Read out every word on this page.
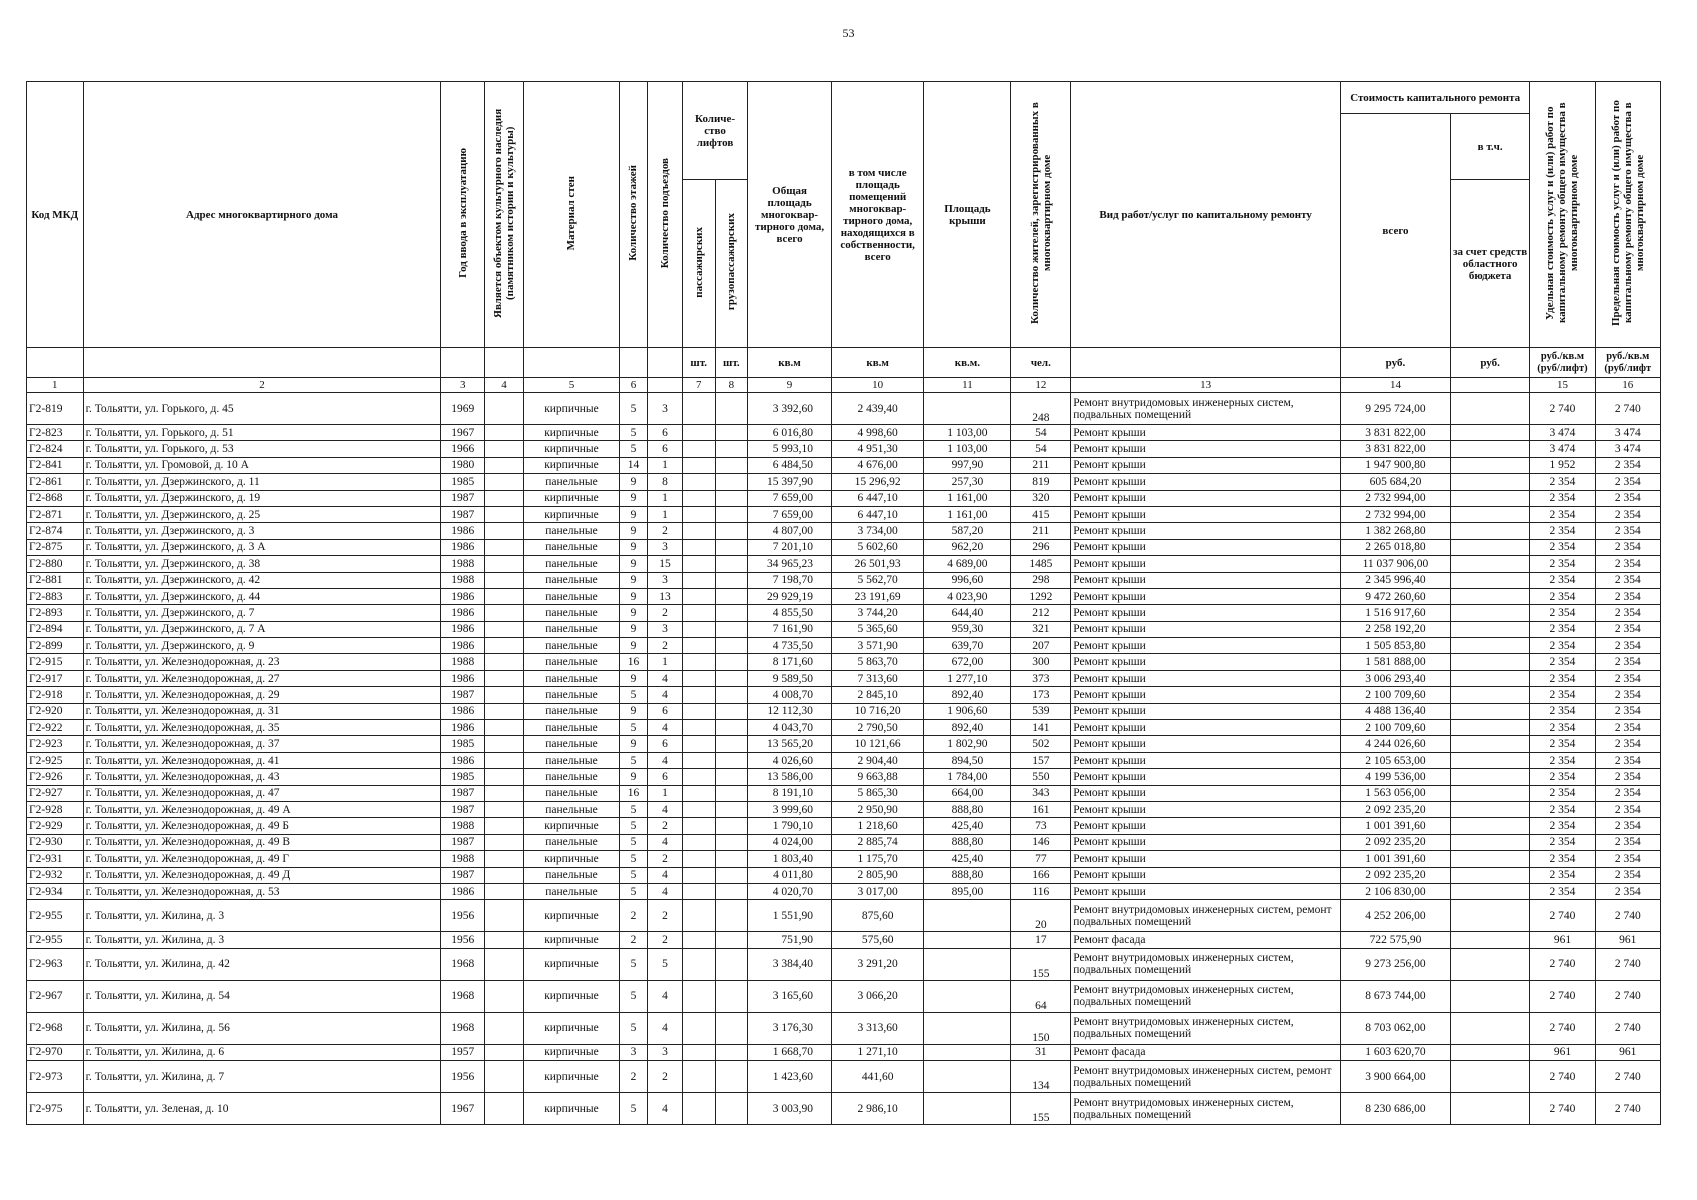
53
Код МКД	Адрес многоквартирного дома	Год ввода в эксплуатацию	Является объектом культурного наследия (памятником истории и культуры)	Материал стен	Количество этажей	Количество подъездов	Количе-ство лифтов		Общая площадь многоквар-тирного дома, всего	в том числе площадь помещений многоквар-тирного дома, находящихся в собственности, всего	Площадь крыши	Количество жителей, зарегистрированных в многоквартирном доме	Вид работ/услуг по капитальному ремонту	Стоимость капитального ремонта		Удельная стоимость услуг и (или) работ по капитальному ремонту общего имущества в многоквартирном доме	Предельная стоимость услуг и (или) работ по капитальному ремонту общего имущества в многоквартирном доме
														всего	в т.ч.		
							пассажирских	грузопассажирских							за счет средств областного бюджета		
							шт.	шт.	кв.м	кв.м	кв.м.	чел.		руб.	руб.	руб./кв.м (руб/лифт)	руб./кв.м (руб/лифт
1	2	3	4	5	6		7	8	9	10	11	12	13	14		15	16
Г2-819	г. Тольятти, ул. Горького, д. 45	1969		кирпичные	5	3			3 392,60	2 439,40		248	Ремонт внутридомовых инженерных систем, подвальных помещений	9 295 724,00		2 740	2 740
Г2-823	г. Тольятти, ул. Горького, д. 51	1967		кирпичные	5	6			6 016,80	4 998,60	1 103,00	54	Ремонт крыши	3 831 822,00		3 474	3 474
Г2-824	г. Тольятти, ул. Горького, д. 53	1966		кирпичные	5	6			5 993,10	4 951,30	1 103,00	54	Ремонт крыши	3 831 822,00		3 474	3 474
Г2-841	г. Тольятти, ул. Громовой, д. 10 А	1980		кирпичные	14	1			6 484,50	4 676,00	997,90	211	Ремонт крыши	1 947 900,80		1 952	2 354
Г2-861	г. Тольятти, ул. Дзержинского, д. 11	1985		панельные	9	8			15 397,90	15 296,92	257,30	819	Ремонт крыши	605 684,20		2 354	2 354
Г2-868	г. Тольятти, ул. Дзержинского, д. 19	1987		кирпичные	9	1			7 659,00	6 447,10	1 161,00	320	Ремонт крыши	2 732 994,00		2 354	2 354
Г2-871	г. Тольятти, ул. Дзержинского, д. 25	1987		кирпичные	9	1			7 659,00	6 447,10	1 161,00	415	Ремонт крыши	2 732 994,00		2 354	2 354
Г2-874	г. Тольятти, ул. Дзержинского, д. 3	1986		панельные	9	2			4 807,00	3 734,00	587,20	211	Ремонт крыши	1 382 268,80		2 354	2 354
Г2-875	г. Тольятти, ул. Дзержинского, д. 3 А	1986		панельные	9	3			7 201,10	5 602,60	962,20	296	Ремонт крыши	2 265 018,80		2 354	2 354
Г2-880	г. Тольятти, ул. Дзержинского, д. 38	1988		панельные	9	15			34 965,23	26 501,93	4 689,00	1485	Ремонт крыши	11 037 906,00		2 354	2 354
Г2-881	г. Тольятти, ул. Дзержинского, д. 42	1988		панельные	9	3			7 198,70	5 562,70	996,60	298	Ремонт крыши	2 345 996,40		2 354	2 354
Г2-883	г. Тольятти, ул. Дзержинского, д. 44	1986		панельные	9	13			29 929,19	23 191,69	4 023,90	1292	Ремонт крыши	9 472 260,60		2 354	2 354
Г2-893	г. Тольятти, ул. Дзержинского, д. 7	1986		панельные	9	2			4 855,50	3 744,20	644,40	212	Ремонт крыши	1 516 917,60		2 354	2 354
Г2-894	г. Тольятти, ул. Дзержинского, д. 7 А	1986		панельные	9	3			7 161,90	5 365,60	959,30	321	Ремонт крыши	2 258 192,20		2 354	2 354
Г2-899	г. Тольятти, ул. Дзержинского, д. 9	1986		панельные	9	2			4 735,50	3 571,90	639,70	207	Ремонт крыши	1 505 853,80		2 354	2 354
Г2-915	г. Тольятти, ул. Железнодорожная, д. 23	1988		панельные	16	1			8 171,60	5 863,70	672,00	300	Ремонт крыши	1 581 888,00		2 354	2 354
Г2-917	г. Тольятти, ул. Железнодорожная, д. 27	1986		панельные	9	4			9 589,50	7 313,60	1 277,10	373	Ремонт крыши	3 006 293,40		2 354	2 354
Г2-918	г. Тольятти, ул. Железнодорожная, д. 29	1987		панельные	5	4			4 008,70	2 845,10	892,40	173	Ремонт крыши	2 100 709,60		2 354	2 354
Г2-920	г. Тольятти, ул. Железнодорожная, д. 31	1986		панельные	9	6			12 112,30	10 716,20	1 906,60	539	Ремонт крыши	4 488 136,40		2 354	2 354
Г2-922	г. Тольятти, ул. Железнодорожная, д. 35	1986		панельные	5	4			4 043,70	2 790,50	892,40	141	Ремонт крыши	2 100 709,60		2 354	2 354
Г2-923	г. Тольятти, ул. Железнодорожная, д. 37	1985		панельные	9	6			13 565,20	10 121,66	1 802,90	502	Ремонт крыши	4 244 026,60		2 354	2 354
Г2-925	г. Тольятти, ул. Железнодорожная, д. 41	1986		панельные	5	4			4 026,60	2 904,40	894,50	157	Ремонт крыши	2 105 653,00		2 354	2 354
Г2-926	г. Тольятти, ул. Железнодорожная, д. 43	1985		панельные	9	6			13 586,00	9 663,88	1 784,00	550	Ремонт крыши	4 199 536,00		2 354	2 354
Г2-927	г. Тольятти, ул. Железнодорожная, д. 47	1987		панельные	16	1			8 191,10	5 865,30	664,00	343	Ремонт крыши	1 563 056,00		2 354	2 354
Г2-928	г. Тольятти, ул. Железнодорожная, д. 49 А	1987		панельные	5	4			3 999,60	2 950,90	888,80	161	Ремонт крыши	2 092 235,20		2 354	2 354
Г2-929	г. Тольятти, ул. Железнодорожная, д. 49 Б	1988		кирпичные	5	2			1 790,10	1 218,60	425,40	73	Ремонт крыши	1 001 391,60		2 354	2 354
Г2-930	г. Тольятти, ул. Железнодорожная, д. 49 В	1987		панельные	5	4			4 024,00	2 885,74	888,80	146	Ремонт крыши	2 092 235,20		2 354	2 354
Г2-931	г. Тольятти, ул. Железнодорожная, д. 49 Г	1988		кирпичные	5	2			1 803,40	1 175,70	425,40	77	Ремонт крыши	1 001 391,60		2 354	2 354
Г2-932	г. Тольятти, ул. Железнодорожная, д. 49 Д	1987		панельные	5	4			4 011,80	2 805,90	888,80	166	Ремонт крыши	2 092 235,20		2 354	2 354
Г2-934	г. Тольятти, ул. Железнодорожная, д. 53	1986		панельные	5	4			4 020,70	3 017,00	895,00	116	Ремонт крыши	2 106 830,00		2 354	2 354
Г2-955	г. Тольятти, ул. Жилина, д. 3	1956		кирпичные	2	2			1 551,90	875,60		20	Ремонт внутридомовых инженерных систем, ремонт подвальных помещений	4 252 206,00		2 740	2 740
Г2-955	г. Тольятти, ул. Жилина, д. 3	1956		кирпичные	2	2			751,90	575,60		17	Ремонт фасада	722 575,90		961	961
Г2-963	г. Тольятти, ул. Жилина, д. 42	1968		кирпичные	5	5			3 384,40	3 291,20		155	Ремонт внутридомовых инженерных систем, подвальных помещений	9 273 256,00		2 740	2 740
Г2-967	г. Тольятти, ул. Жилина, д. 54	1968		кирпичные	5	4			3 165,60	3 066,20		64	Ремонт внутридомовых инженерных систем, подвальных помещений	8 673 744,00		2 740	2 740
Г2-968	г. Тольятти, ул. Жилина, д. 56	1968		кирпичные	5	4			3 176,30	3 313,60		150	Ремонт внутридомовых инженерных систем, подвальных помещений	8 703 062,00		2 740	2 740
Г2-970	г. Тольятти, ул. Жилина, д. 6	1957		кирпичные	3	3			1 668,70	1 271,10		31	Ремонт фасада	1 603 620,70		961	961
Г2-973	г. Тольятти, ул. Жилина, д. 7	1956		кирпичные	2	2			1 423,60	441,60		134	Ремонт внутридомовых инженерных систем, ремонт подвальных помещений	3 900 664,00		2 740	2 740
Г2-975	г. Тольятти, ул. Зеленая, д. 10	1967		кирпичные	5	4			3 003,90	2 986,10		155	Ремонт внутридомовых инженерных систем, подвальных помещений	8 230 686,00		2 740	2 740
